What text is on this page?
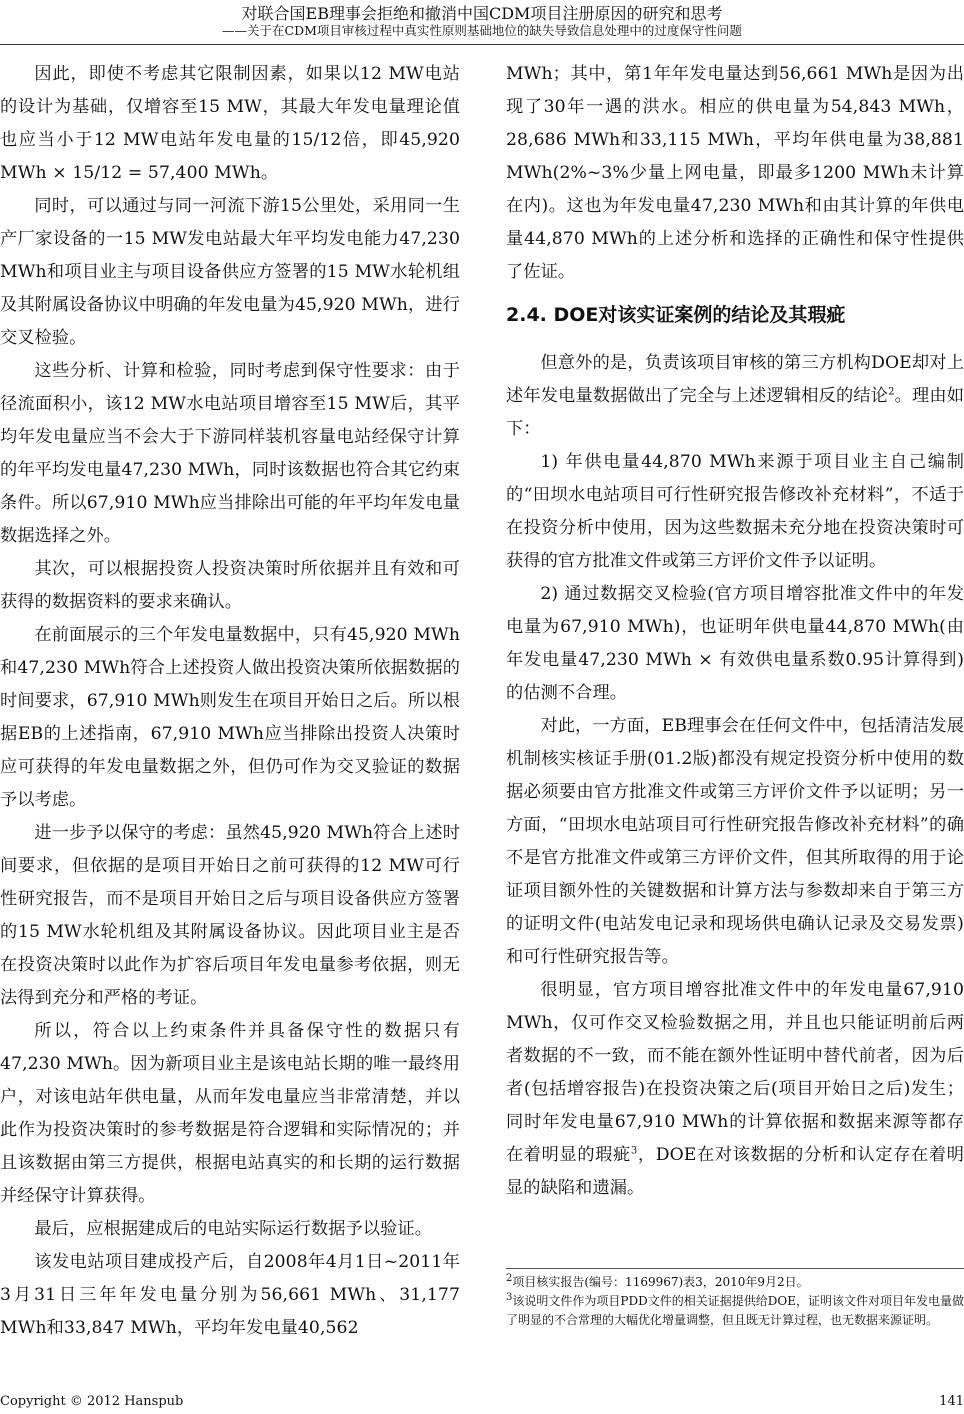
对联合国EB理事会拒绝和撤消中国CDM项目注册原因的研究和思考
——关于在CDM项目审核过程中真实性原则基础地位的缺失导致信息处理中的过度保守性问题

因此，即使不考虑其它限制因素，如果以12 MW电站的设计为基础，仅增容至15 MW，其最大年发电量理论值也应当小于12 MW电站年发电量的15/12倍，即45,920 MWh × 15/12 = 57,400 MWh。

同时，可以通过与同一河流下游15公里处，采用同一生产厂家设备的一15 MW发电站最大年平均发电能力47,230 MWh和项目业主与项目设备供应方签署的15 MW水轮机组及其附属设备协议中明确的年发电量为45,920 MWh，进行交叉检验。

这些分析、计算和检验，同时考虑到保守性要求：由于径流面积小，该12 MW水电站项目增容至15 MW后，其平均年发电量应当不会大于下游同样装机容量电站经保守计算的年平均发电量47,230 MWh，同时该数据也符合其它约束条件。所以67,910 MWh应当排除出可能的年平均年发电量数据选择之外。

其次，可以根据投资人投资决策时所依据并且有效和可获得的数据资料的要求来确认。

在前面展示的三个年发电量数据中，只有45,920 MWh和47,230 MWh符合上述投资人做出投资决策所依据数据的时间要求，67,910 MWh则发生在项目开始日之后。所以根据EB的上述指南，67,910 MWh应当排除出投资人决策时应可获得的年发电量数据之外，但仍可作为交叉验证的数据予以考虑。

进一步予以保守的考虑：虽然45,920 MWh符合上述时间要求，但依据的是项目开始日之前可获得的12 MW可行性研究报告，而不是项目开始日之后与项目设备供应方签署的15 MW水轮机组及其附属设备协议。因此项目业主是否在投资决策时以此作为扩容后项目年发电量参考依据，则无法得到充分和严格的考证。

所以，符合以上约束条件并具备保守性的数据只有47,230 MWh。因为新项目业主是该电站长期的唯一最终用户，对该电站年供电量，从而年发电量应当非常清楚，并以此作为投资决策时的参考数据是符合逻辑和实际情况的；并且该数据由第三方提供，根据电站真实的和长期的运行数据并经保守计算获得。

最后，应根据建成后的电站实际运行数据予以验证。

该发电站项目建成投产后，自2008年4月1日~2011年3月31日三年年发电量分别为56,661 MWh、31,177 MWh和33,847 MWh，平均年发电量40,562

MWh；其中，第1年年发电量达到56,661 MWh是因为出现了30年一遇的洪水。相应的供电量为54,843 MWh，28,686 MWh和33,115 MWh，平均年供电量为38,881 MWh(2%~3%少量上网电量，即最多1200 MWh未计算在内)。这也为年发电量47,230 MWh和由其计算的年供电量44,870 MWh的上述分析和选择的正确性和保守性提供了佐证。

2.4. DOE对该实证案例的结论及其瑕疵

但意外的是，负责该项目审核的第三方机构DOE却对上述年发电量数据做出了完全与上述逻辑相反的结论$^2$。理由如下：

1) 年供电量44,870 MWh来源于项目业主自己编制的“田坝水电站项目可行性研究报告修改补充材料”，不适于在投资分析中使用，因为这些数据未充分地在投资决策时可获得的官方批准文件或第三方评价文件予以证明。

2) 通过数据交叉检验(官方项目增容批准文件中的年发电量为67,910 MWh)，也证明年供电量44,870 MWh(由年发电量47,230 MWh × 有效供电量系数0.95计算得到)的估测不合理。

对此，一方面，EB理事会在任何文件中，包括清洁发展机制核实核证手册(01.2版)都没有规定投资分析中使用的数据必须要由官方批准文件或第三方评价文件予以证明；另一方面，“田坝水电站项目可行性研究报告修改补充材料”的确不是官方批准文件或第三方评价文件，但其所取得的用于论证项目额外性的关键数据和计算方法与参数却来自于第三方的证明文件(电站发电记录和现场供电确认记录及交易发票)和可行性研究报告等。

很明显，官方项目增容批准文件中的年发电量67,910 MWh，仅可作交叉检验数据之用，并且也只能证明前后两者数据的不一致，而不能在额外性证明中替代前者，因为后者(包括增容报告)在投资决策之后(项目开始日之后)发生；同时年发电量67,910 MWh的计算依据和数据来源等都存在着明显的瑕疵$^3$，DOE在对该数据的分析和认定存在着明显的缺陷和遗漏。

$^2$项目核实报告(编号：1169967)表3，2010年9月2日。

$^3$该说明文件作为项目PDD文件的相关证据提供给DOE，证明该文件对项目年发电量做了明显的不合常理的大幅优化增量调整，但且既无计算过程，也无数据来源证明。

Copyright © 2012 Hanspub	141
